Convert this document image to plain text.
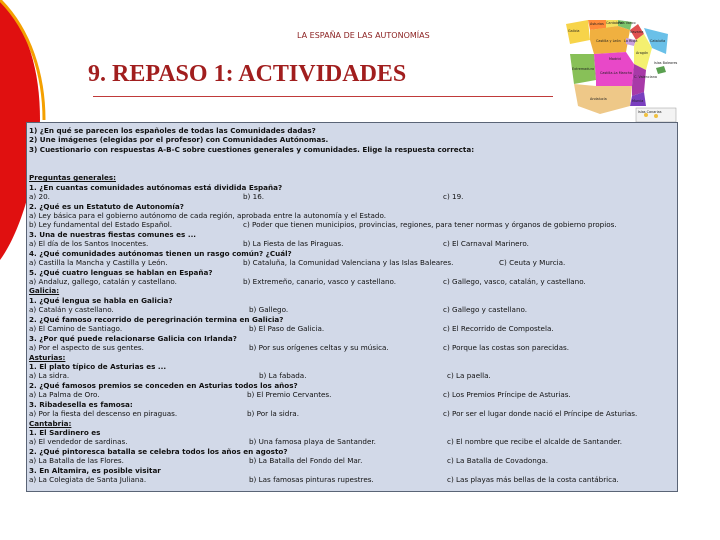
LA ESPAÑA DE LAS AUTONOMÍAS
9. REPASO 1: ACTIVIDADES
Galicia
Asturias Cantabria
País Vasco
Navarra
Castilla y León La Rioja
Aragón
Cataluña
Madrid
Extremadura
Castilla-La Mancha
C. Valenciana
Andalucía	Murcia
Islas Baleares
Islas Canarias
1) ¿En qué se parecen los españoles de todas las Comunidades dadas?
2) Une imágenes (elegidas por el profesor) con Comunidades Autónomas.
3) Cuestionario con respuestas A-B-C sobre cuestiones generales y comunidades. Elige la respuesta correcta:
Preguntas generales:
1. ¿En cuantas comunidades autónomas está dividida España?
a) 20.	b) 16.	c) 19.
2. ¿Qué es un Estatuto de Autonomía?
a) Ley básica para el gobierno autónomo de cada región, aprobada entre la autonomía y el Estado.
b) Ley fundamental del Estado Español.	c) Poder que tienen municipios, provincias, regiones, para tener normas y órganos de gobierno propios.
3. Una de nuestras fiestas comunes es ...
a) El día de los Santos Inocentes.	b) La Fiesta de las Piraguas.	c) El Carnaval Marinero.
4. ¿Qué comunidades autónomas tienen un rasgo común? ¿Cuál?
a) Castilla la Mancha y Castilla y León.	b) Cataluña, la Comunidad Valenciana y las Islas Baleares.	C) Ceuta y Murcia.
5. ¿Qué cuatro lenguas se hablan en España?
a) Andaluz, gallego, catalán y castellano.	b) Extremeño, canario, vasco y castellano.	c) Gallego, vasco, catalán, y castellano.
Galicia:
1. ¿Qué lengua se habla en Galicia?
a) Catalán y castellano.	b) Gallego.	c) Gallego y castellano.
2. ¿Qué famoso recorrido de peregrinación termina en Galicia?
a) El Camino de Santiago.	b) El Paso de Galicia.	c) El Recorrido de Compostela.
3. ¿Por qué puede relacionarse Galicia con Irlanda?
a) Por el aspecto de sus gentes.	b) Por sus orígenes celtas y su música.	c) Porque las costas son parecidas.
Asturias:
1. El plato típico de Asturias es ...
a) La sidra.	b) La fabada.	c) La paella.
2. ¿Qué famosos premios se conceden en Asturias todos los años?
a) La Palma de Oro.	b) El Premio Cervantes.	c) Los Premios Príncipe de Asturias.
3. Ribadesella es famosa:
a) Por la fiesta del descenso en piraguas.	b) Por la sidra.	c) Por ser el lugar donde nació el Príncipe de Asturias.
Cantabria:
1. El Sardinero es
a) El vendedor de sardinas.	b) Una famosa playa de Santander.	c) El nombre que recibe el alcalde de Santander.
2. ¿Qué pintoresca batalla se celebra todos los años en agosto?
a) La Batalla de las Flores.	b) La Batalla del Fondo del Mar.	c) La Batalla de Covadonga.
3. En Altamira, es posible visitar
a) La Colegiata de Santa Juliana.	b) Las famosas pinturas rupestres.	c) Las playas más bellas de la costa cantábrica.
